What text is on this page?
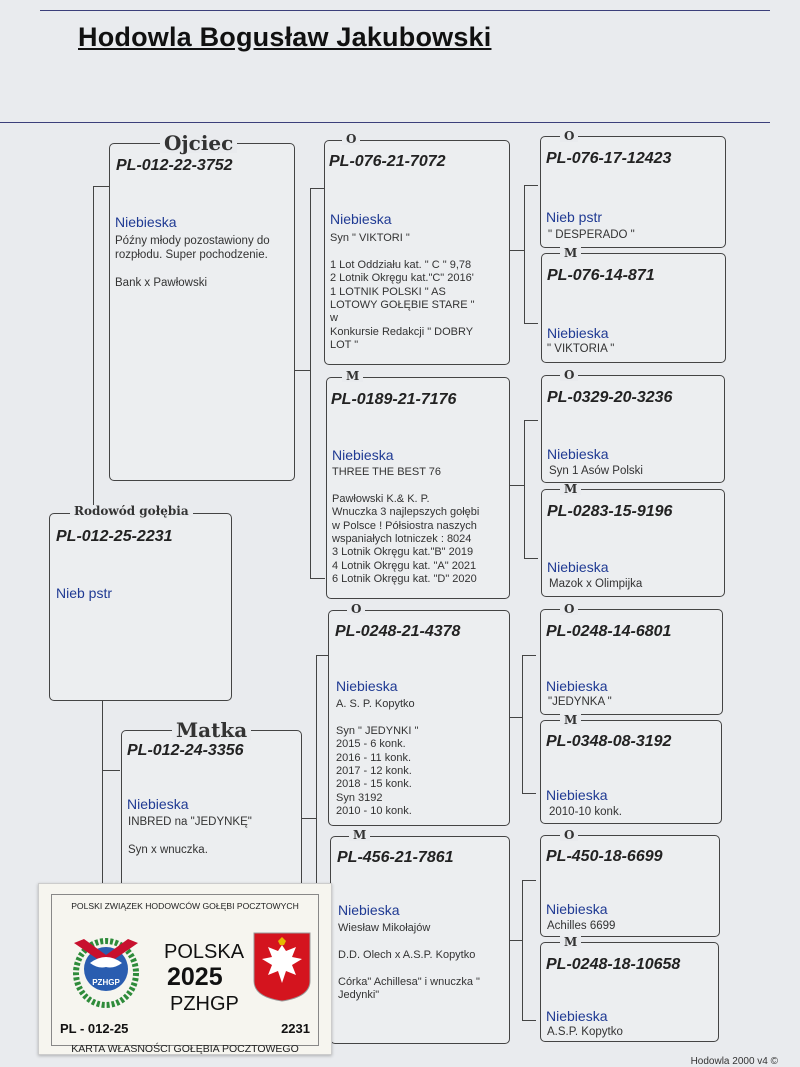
Hodowla Bogusław Jakubowski
Rodowód gołębia
PL-012-25-2231
Nieb pstr
Ojciec
PL-012-22-3752
Niebieska
Późny młody pozostawiony do
rozpłodu. Super pochodzenie.

Bank x Pawłowski
Matka
PL-012-24-3356
Niebieska
INBRED na "JEDYNKĘ"

Syn x wnuczka.
O
PL-076-21-7072
Niebieska
Syn " VIKTORI "

1 Lot Oddziału kat. " C " 9,78
2 Lotnik Okręgu kat."C" 2016'
1 LOTNIK POLSKI " AS
LOTOWY GOŁĘBIE STARE "
w
Konkursie Redakcji " DOBRY
LOT "
M
PL-0189-21-7176
Niebieska
THREE THE BEST 76

Pawłowski K.& K. P.
Wnuczka 3 najlepszych gołębi
w Polsce ! Półsiostra naszych
wspaniałych lotniczek : 8024
3 Lotnik Okręgu kat."B" 2019
4 Lotnik Okręgu kat. "A" 2021
6 Lotnik Okręgu kat. "D" 2020
O
PL-0248-21-4378
Niebieska
A. S. P. Kopytko

Syn " JEDYNKI "
2015 - 6 konk.
2016 - 11 konk.
2017 - 12 konk.
2018 - 15 konk.
Syn 3192
2010 - 10 konk.
M
PL-456-21-7861
Niebieska
Wiesław Mikołajów

D.D. Olech x A.S.P. Kopytko

Córka" Achillesa" i wnuczka "
Jedynki"
O
PL-076-17-12423
Nieb pstr
" DESPERADO "
M
PL-076-14-871
Niebieska
" VIKTORIA "
O
PL-0329-20-3236
Niebieska
Syn 1 Asów Polski
M
PL-0283-15-9196
Niebieska
Mazok x Olimpijka
O
PL-0248-14-6801
Niebieska
"JEDYNKA "
M
PL-0348-08-3192
Niebieska
2010-10 konk.
O
PL-450-18-6699
Niebieska
Achilles 6699
M
PL-0248-18-10658
Niebieska
A.S.P. Kopytko
POLSKI ZWIĄZEK HODOWCÓW GOŁĘBI POCZTOWYCH
PZHGP
POLSKA
2025
PZHGP
PL - 012-25	2231
KARTA WŁASNOŚCI GOŁĘBIA POCZTOWEGO
Hodowla 2000 v4 ©
